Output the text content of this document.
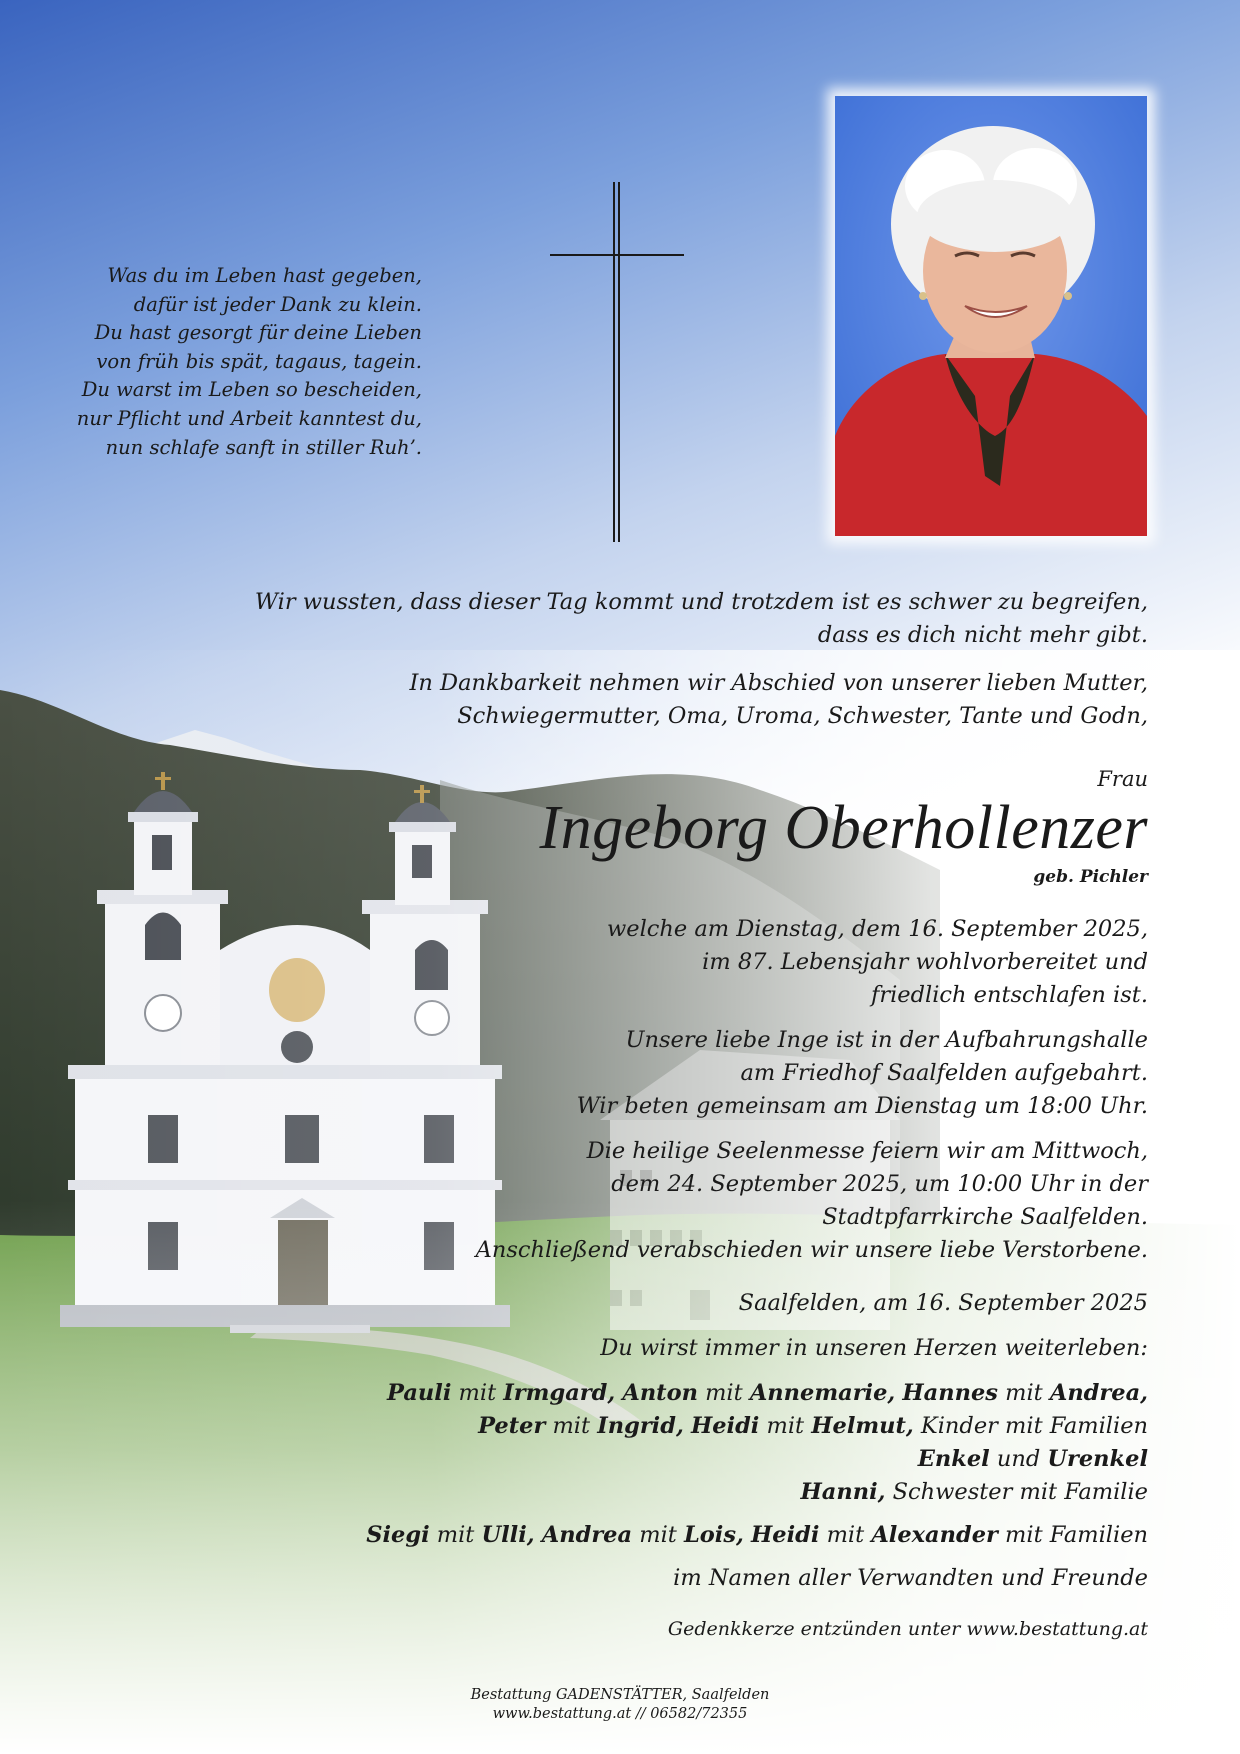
Was du im Leben hast gegeben,
dafür ist jeder Dank zu klein.
Du hast gesorgt für deine Lieben
von früh bis spät, tagaus, tagein.
Du warst im Leben so bescheiden,
nur Pflicht und Arbeit kanntest du,
nun schlafe sanft in stiller Ruh’.
Wir wussten, dass dieser Tag kommt und trotzdem ist es schwer zu begreifen,
dass es dich nicht mehr gibt.
In Dankbarkeit nehmen wir Abschied von unserer lieben Mutter,
Schwiegermutter, Oma, Uroma, Schwester, Tante und Godn,
Frau
Ingeborg Oberhollenzer
geb. Pichler
welche am Dienstag, dem 16. September 2025,
im 87. Lebensjahr wohlvorbereitet und
friedlich entschlafen ist.
Unsere liebe Inge ist in der Aufbahrungshalle
am Friedhof Saalfelden aufgebahrt.
Wir beten gemeinsam am Dienstag um 18:00 Uhr.
Die heilige Seelenmesse feiern wir am Mittwoch,
dem 24. September 2025, um 10:00 Uhr in der
Stadtpfarrkirche Saalfelden.
Anschließend verabschieden wir unsere liebe Verstorbene.
Saalfelden, am 16. September 2025
Du wirst immer in unseren Herzen weiterleben:
Pauli mit Irmgard, Anton mit Annemarie, Hannes mit Andrea,
Peter mit Ingrid, Heidi mit Helmut, Kinder mit Familien
Enkel und Urenkel
Hanni, Schwester mit Familie
Siegi mit Ulli, Andrea mit Lois, Heidi mit Alexander mit Familien
im Namen aller Verwandten und Freunde
Gedenkkerze entzünden unter www.bestattung.at
Bestattung GADENSTÄTTER, Saalfelden
www.bestattung.at // 06582/72355
